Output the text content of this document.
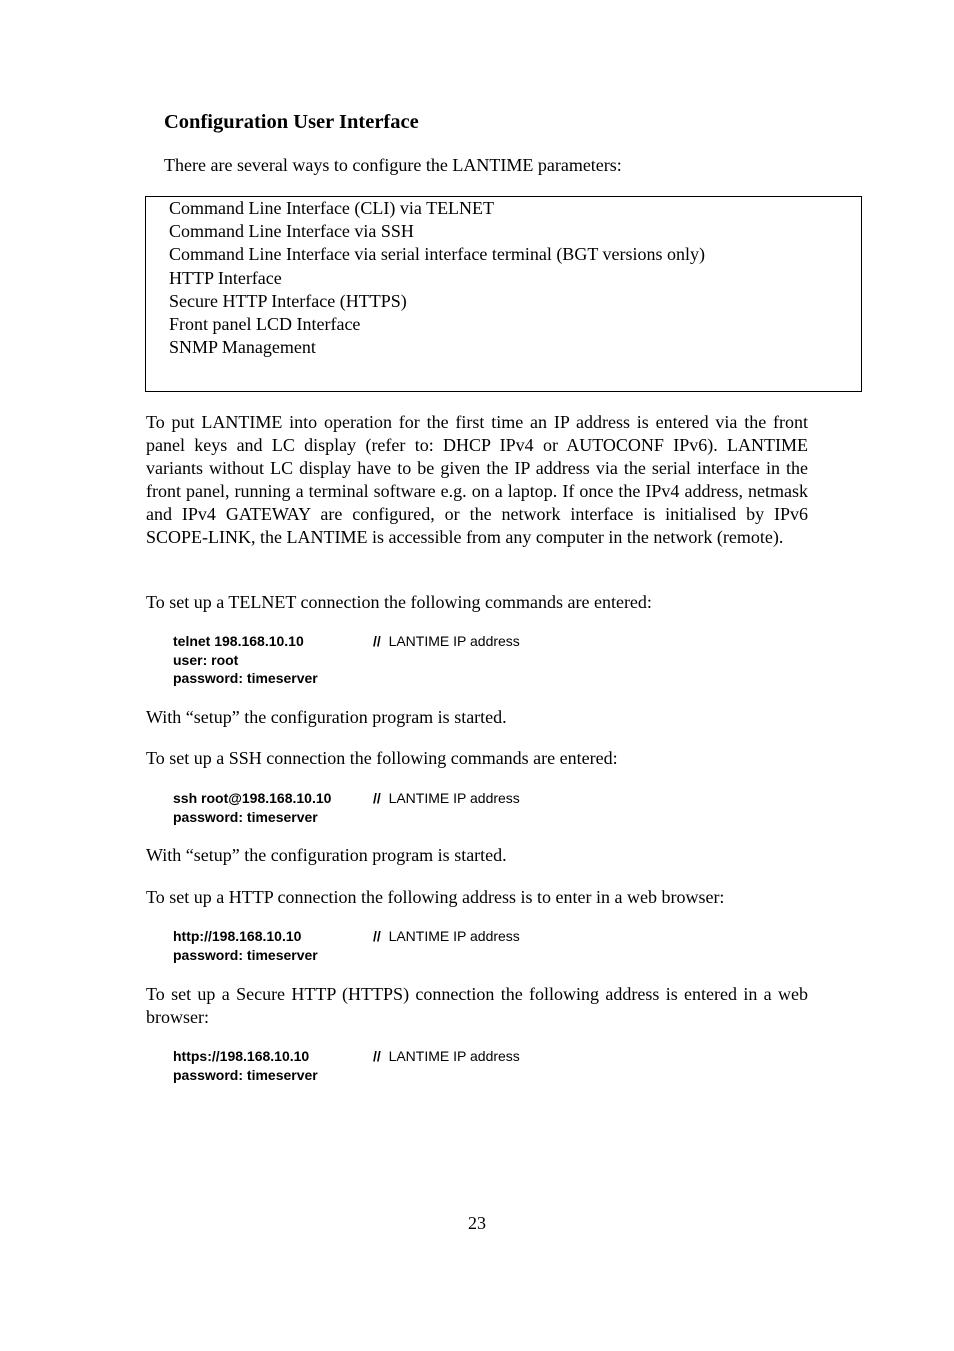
Configuration User Interface
There are several ways to configure the LANTIME parameters:
Command Line Interface (CLI) via TELNET
Command Line Interface via SSH
Command Line Interface via serial interface terminal (BGT versions only)
HTTP Interface
Secure HTTP Interface (HTTPS)
Front panel LCD Interface
SNMP Management

To put LANTIME into operation for the first time an IP address is entered via the front panel keys and LC display (refer to: DHCP IPv4 or AUTOCONF IPv6). LANTIME variants without LC display have to be given the IP address via the serial interface in the front panel, running a terminal software e.g. on a laptop. If once the IPv4 address, netmask and IPv4 GATEWAY are configured, or the network interface is initialised by IPv6 SCOPE-LINK, the LANTIME is accessible from any computer in the network (remote).

To set up a TELNET connection the following commands are entered:

telnet 198.168.10.10	// LANTIME IP address
user: root
password: timeserver

With “setup” the configuration program is started.

To set up a SSH connection the following commands are entered:

ssh root@198.168.10.10	// LANTIME IP address
password: timeserver

With “setup” the configuration program is started.

To set up a HTTP connection the following address is to enter in a web browser:

http://198.168.10.10	// LANTIME IP address
password: timeserver

To set up a Secure HTTP (HTTPS) connection the following address is entered in a web browser:

https://198.168.10.10	// LANTIME IP address
password: timeserver
23
